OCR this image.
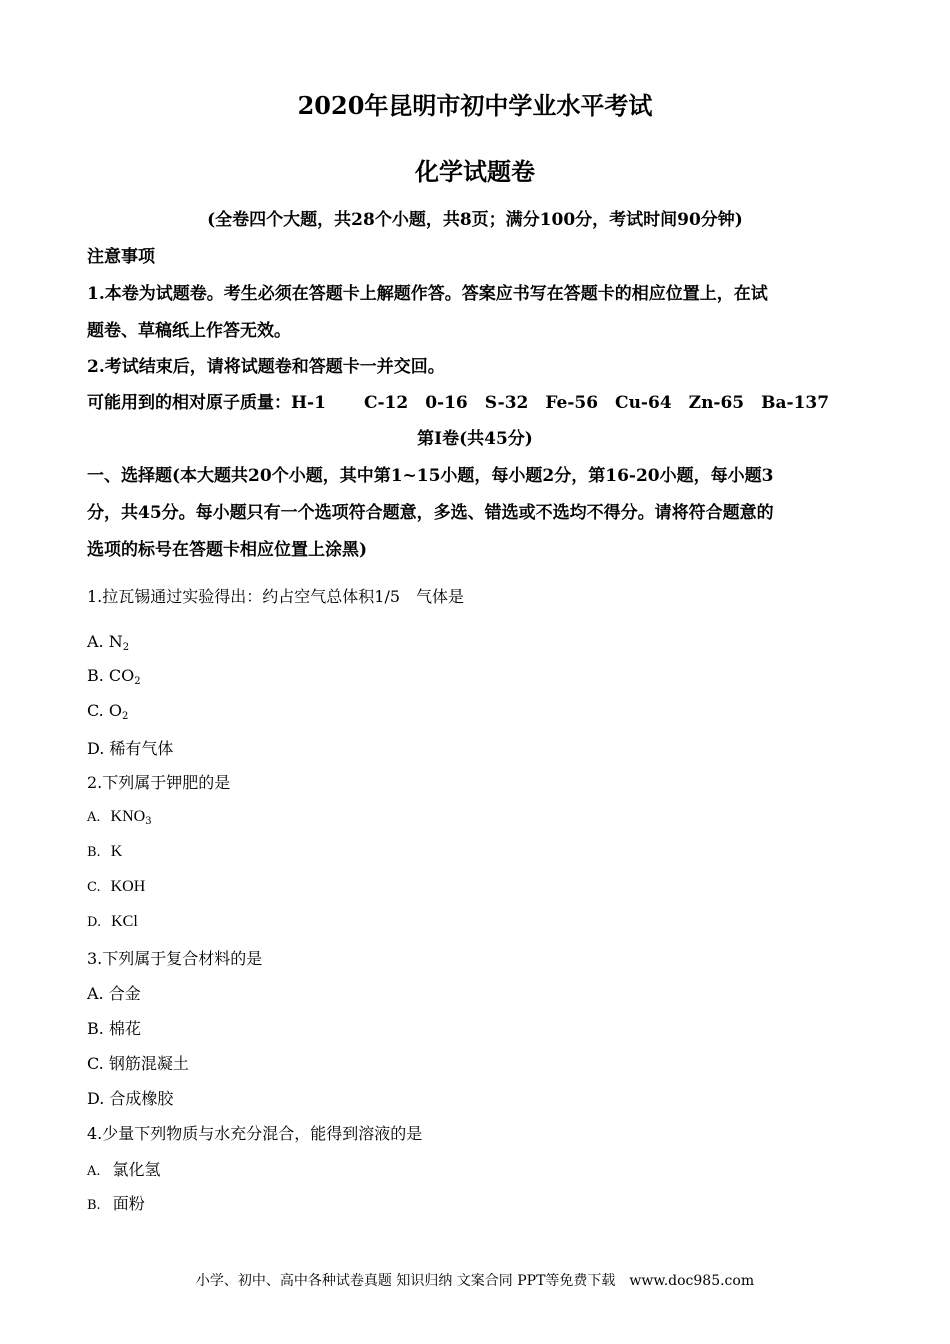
2020年昆明市初中学业水平考试
化学试题卷
(全卷四个大题，共28个小题，共8页；满分100分，考试时间90分钟)
注意事项
1.本卷为试题卷。考生必须在答题卡上解题作答。答案应书写在答题卡的相应位置上，在试
题卷、草稿纸上作答无效。
2.考试结束后，请将试题卷和答题卡一并交回。
可能用到的相对原子质量：H-1 C-12 0-16 S-32 Fe-56 Cu-64 Zn-65 Ba-137
第Ⅰ卷(共45分)
一、选择题(本大题共20个小题，其中第1~15小题，每小题2分，第16-20小题，每小题3
分，共45分。每小题只有一个选项符合题意，多选、错选或不选均不得分。请将符合题意的
选项的标号在答题卡相应位置上涂黑)
1.拉瓦锡通过实验得出：约占空气总体积1/5　气体是
A. $N_2$
B. $CO_2$
C. $O_2$
D. 稀有气体
2.下列属于钾肥的是
A. $KNO_3$
B. K
C. KOH
D. KCl
3.下列属于复合材料的是
A. 合金
B. 棉花
C. 钢筋混凝土
D. 合成橡胶
4.少量下列物质与水充分混合，能得到溶液的是
A. 氯化氢
B. 面粉
小学、初中、高中各种试卷真题 知识归纳 文案合同 PPT等免费下载　www.doc985.com
